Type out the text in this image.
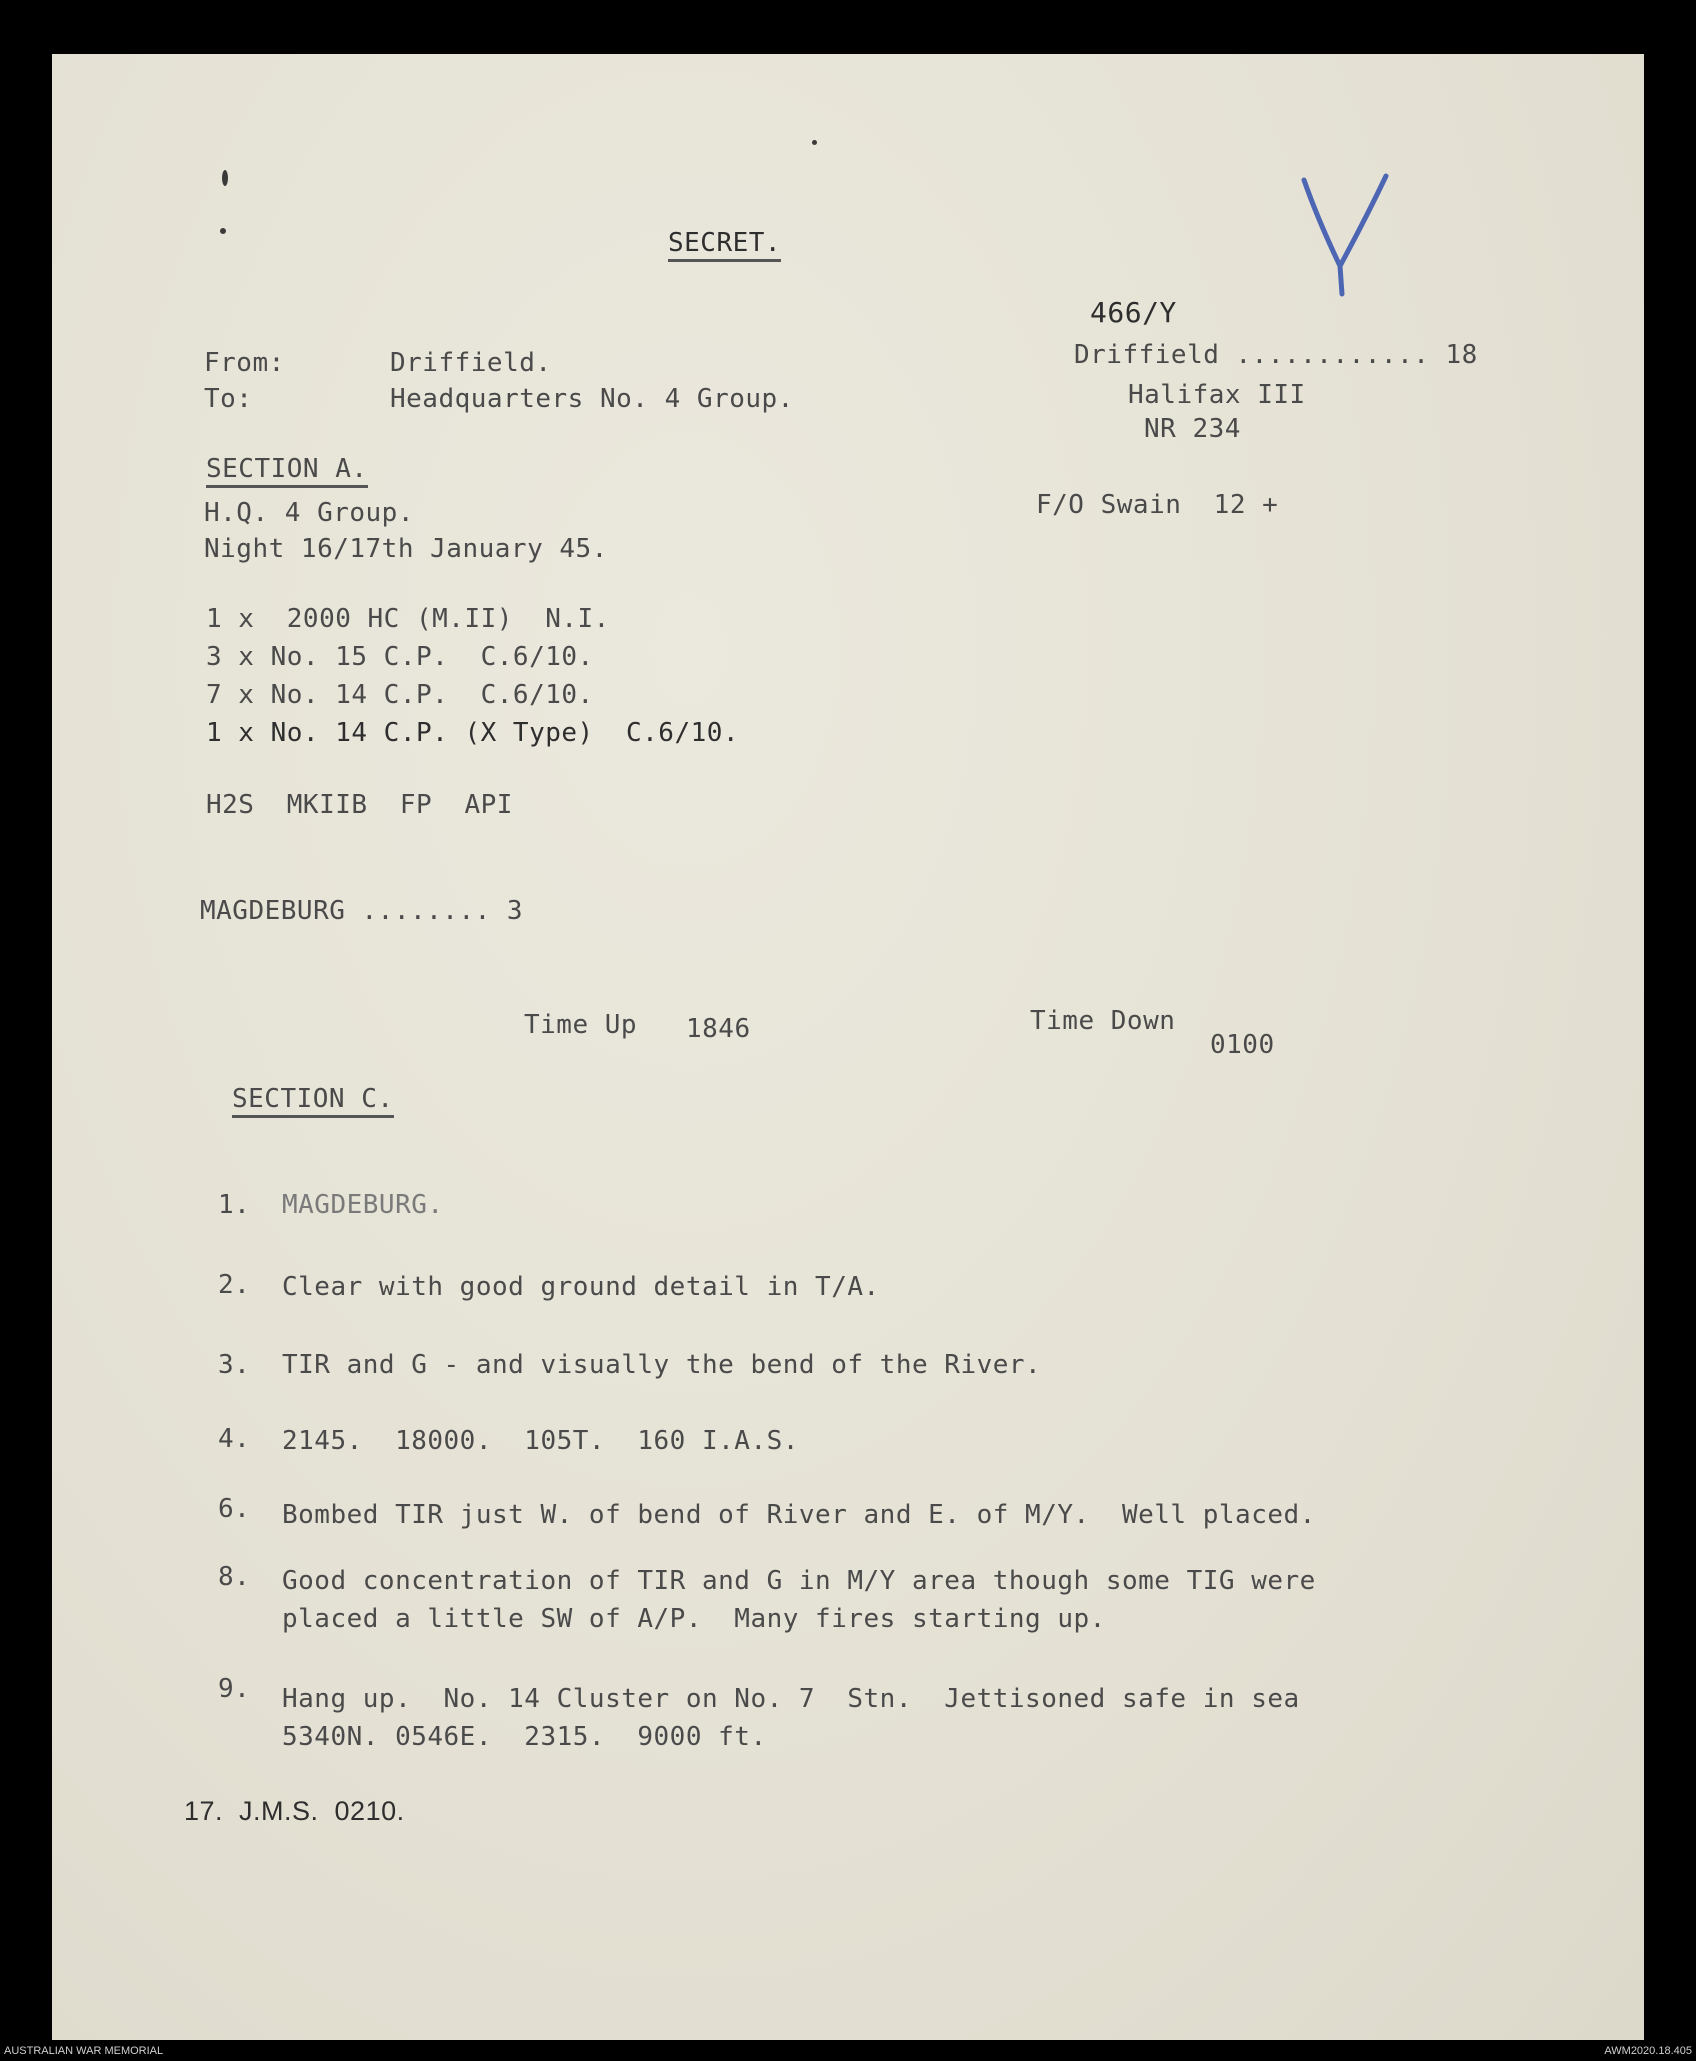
SECRET.
466/Y
Driffield ............ 18
Halifax III
NR 234
F/O Swain  12 +
From:	Driffield.
To:	Headquarters No. 4 Group.
SECTION A.
H.Q. 4 Group.
Night 16/17th January 45.
1 x  2000 HC (M.II)  N.I.
3 x No. 15 C.P.  C.6/10.
7 x No. 14 C.P.  C.6/10.
1 x No. 14 C.P. (X Type)  C.6/10.
H2S  MKIIB  FP  API
MAGDEBURG ........ 3
Time Up 1846	Time Down
0100
SECTION C.
1.	MAGDEBURG.
2.	Clear with good ground detail in T/A.
3.	TIR and G - and visually the bend of the River.
4.	2145.  18000.  105T.  160 I.A.S.
6.	Bombed TIR just W. of bend of River and E. of M/Y.  Well placed.
8.	Good concentration of TIR and G in M/Y area though some TIG were
placed a little SW of A/P.  Many fires starting up.
9.	Hang up.  No. 14 Cluster on No. 7  Stn.  Jettisoned safe in sea
5340N. 0546E.  2315.  9000 ft.
17.  J.M.S.  0210.
AUSTRALIAN WAR MEMORIAL	AWM2020.18.405
